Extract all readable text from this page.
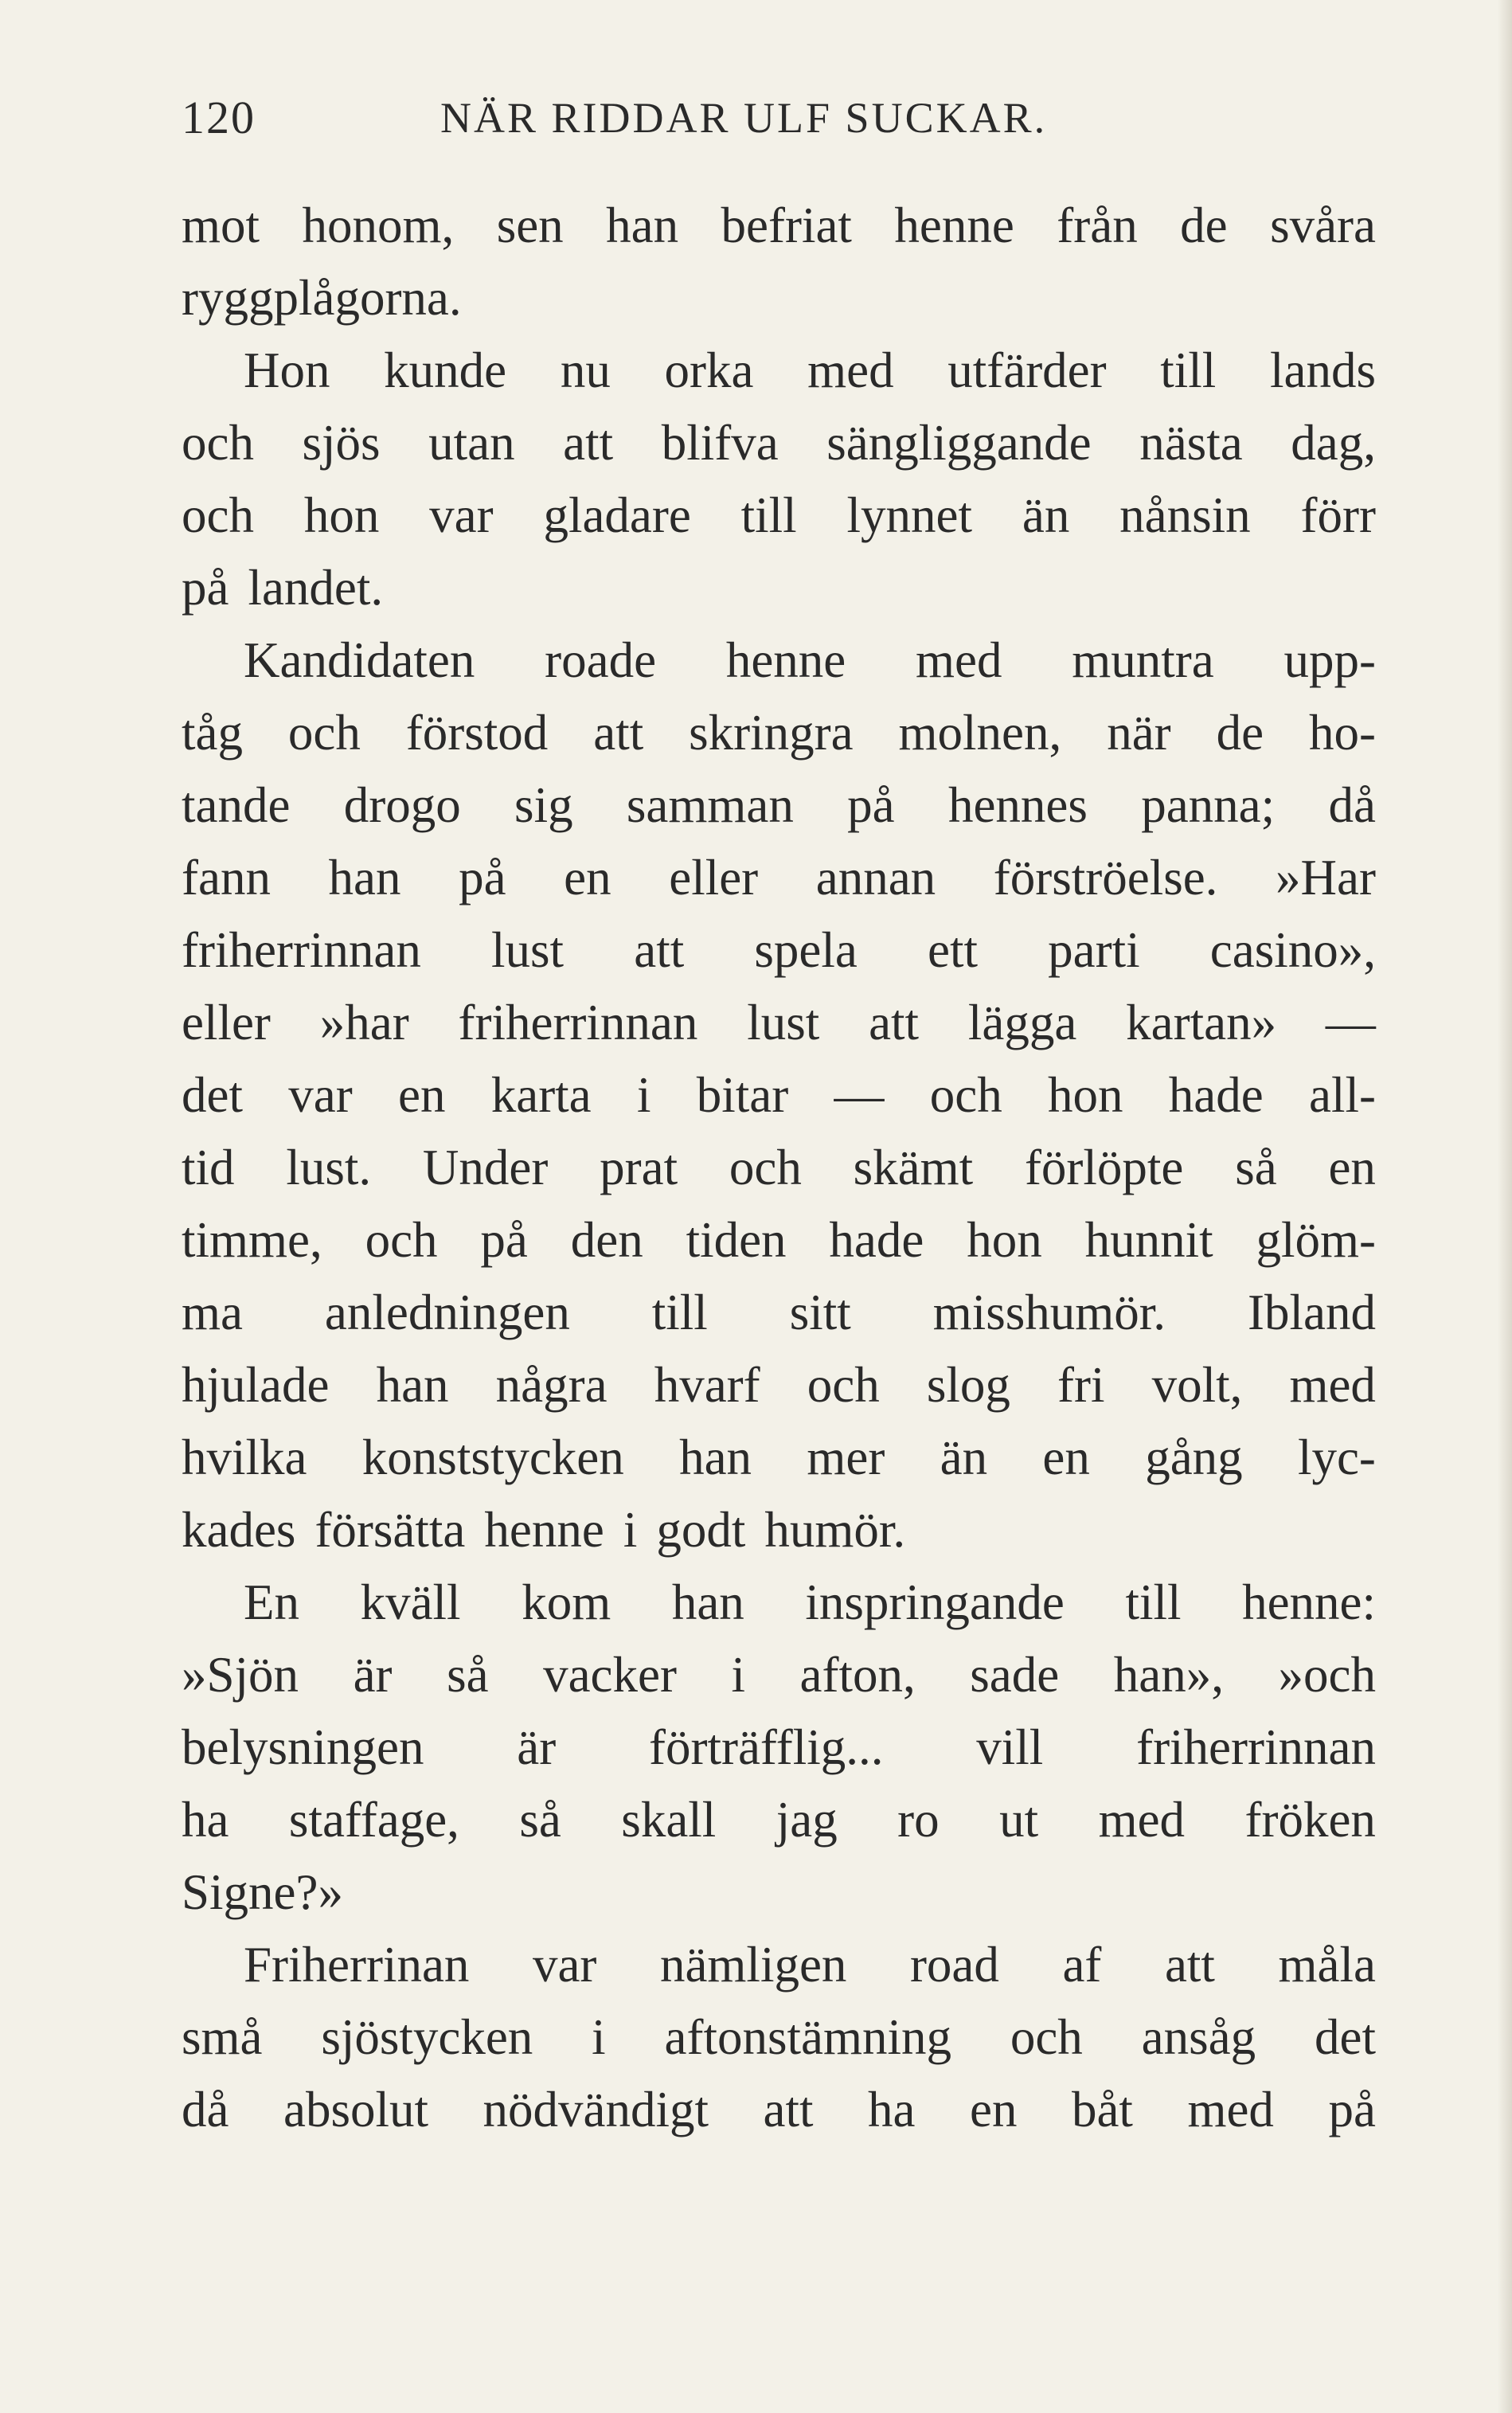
120	NÄR RIDDAR ULF SUCKAR.
mot honom, sen han befriat henne från de svåra
ryggplågorna.
Hon kunde nu orka med utfärder till lands
och sjös utan att blifva sängliggande nästa dag,
och hon var gladare till lynnet än nånsin förr
på landet.
Kandidaten roade henne med muntra upp-
tåg och förstod att skringra molnen, när de ho-
tande drogo sig samman på hennes panna; då
fann han på en eller annan förströelse. »Har
friherrinnan lust att spela ett parti casino»,
eller »har friherrinnan lust att lägga kartan» —
det var en karta i bitar — och hon hade all-
tid lust. Under prat och skämt förlöpte så en
timme, och på den tiden hade hon hunnit glöm-
ma anledningen till sitt misshumör. Ibland
hjulade han några hvarf och slog fri volt, med
hvilka konststycken han mer än en gång lyc-
kades försätta henne i godt humör.
En kväll kom han inspringande till henne:
»Sjön är så vacker i afton, sade han», »och
belysningen är förträfflig... vill friherrinnan
ha staffage, så skall jag ro ut med fröken
Signe?»
Friherrinan var nämligen road af att måla
små sjöstycken i aftonstämning och ansåg det
då absolut nödvändigt att ha en båt med på
